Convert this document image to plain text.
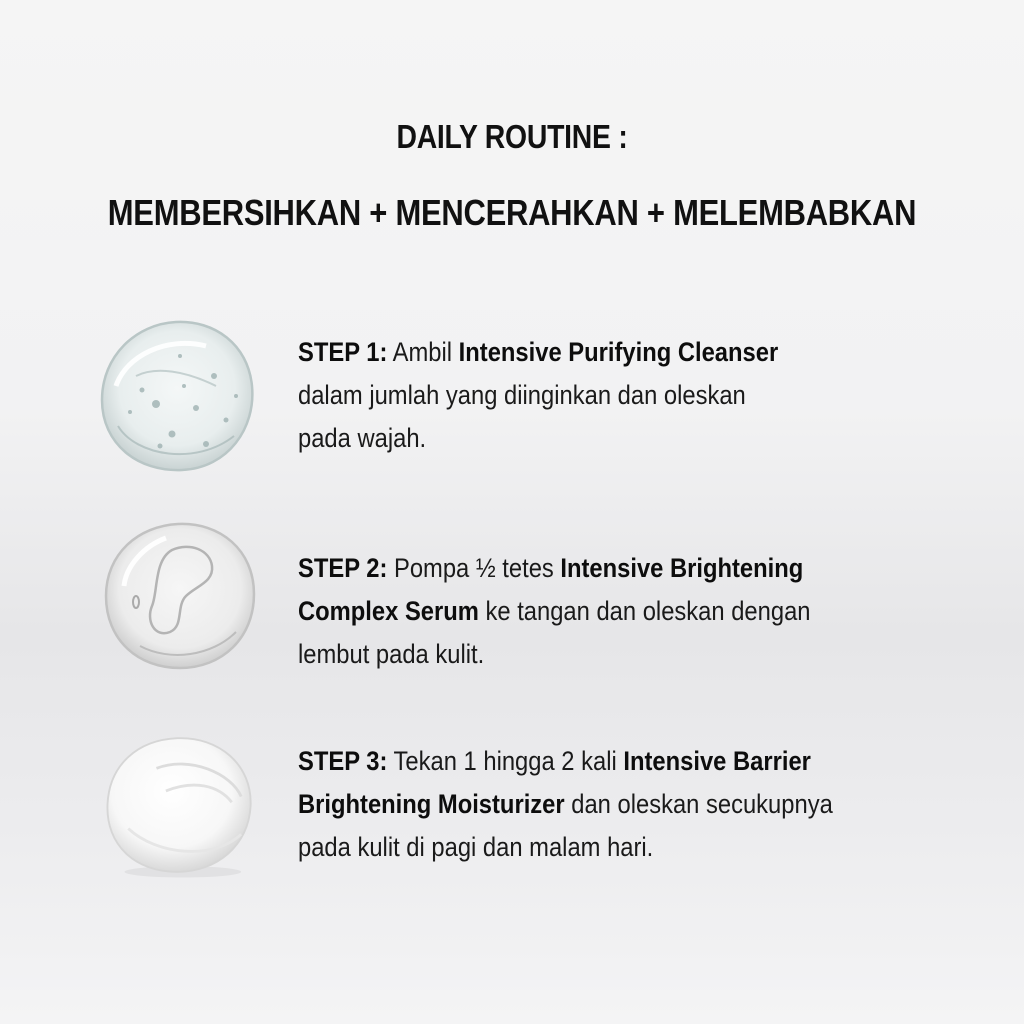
DAILY ROUTINE :
MEMBERSIHKAN + MENCERAHKAN + MELEMBABKAN
STEP 1: Ambil Intensive Purifying Cleanser
dalam jumlah yang diinginkan dan oleskan
pada wajah.
STEP 2: Pompa ½ tetes Intensive Brightening
Complex Serum ke tangan dan oleskan dengan
lembut pada kulit.
STEP 3: Tekan 1 hingga 2 kali Intensive Barrier
Brightening Moisturizer dan oleskan secukupnya
pada kulit di pagi dan malam hari.
